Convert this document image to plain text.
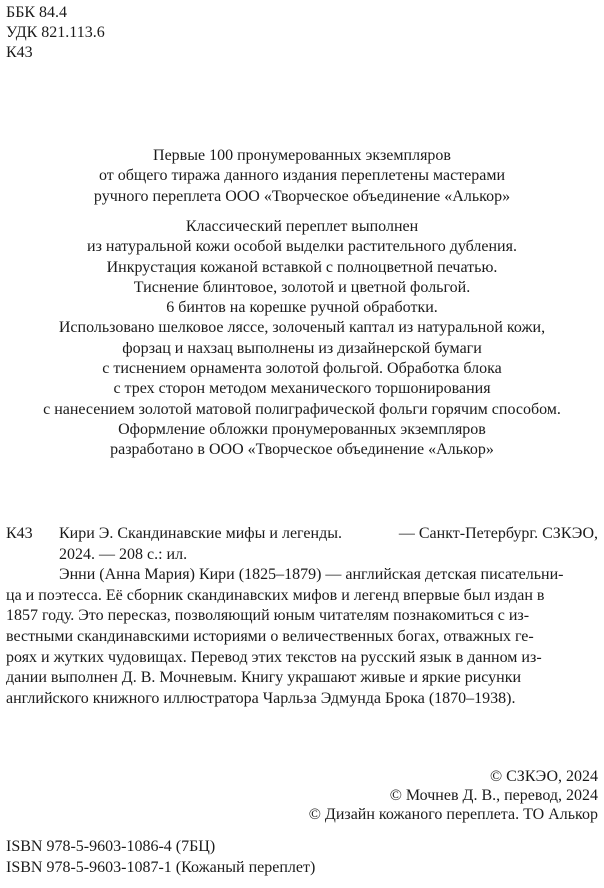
ББК 84.4
УДК 821.113.6
К43
Первые 100 пронумерованных экземпляров
от общего тиража данного издания переплетены мастерами
ручного переплета ООО «Творческое объединение «Алькор»
Классический переплет выполнен
из натуральной кожи особой выделки растительного дубления.
Инкрустация кожаной вставкой с полноцветной печатью.
Тиснение блинтовое, золотой и цветной фольгой.
6 бинтов на корешке ручной обработки.
Использовано шелковое ляссе, золоченый каптал из натуральной кожи,
форзац и нахзац выполнены из дизайнерской бумаги
с тиснением орнамента золотой фольгой. Обработка блока
с трех сторон методом механического торшонирования
с нанесением золотой матовой полиграфической фольги горячим способом.
Оформление обложки пронумерованных экземпляров
разработано в ООО «Творческое объединение «Алькор»
К43 Кири Э. Скандинавские мифы и легенды.	— Санкт-Петербург. СЗКЭО,
2024. — 208 с.: ил.
Энни (Анна Мария) Кири (1825–1879) — английская детская писательни-
ца и поэтесса. Её сборник скандинавских мифов и легенд впервые был издан в
1857 году. Это пересказ, позволяющий юным читателям познакомиться с из-
вестными скандинавскими историями о величественных богах, отважных ге-
роях и жутких чудовищах. Перевод этих текстов на русский язык в данном из-
дании выполнен Д. В. Мочневым. Книгу украшают живые и яркие рисунки
английского книжного иллюстратора Чарльза Эдмунда Брока (1870–1938).
© СЗКЭО, 2024
© Мочнев Д. В., перевод, 2024
© Дизайн кожаного переплета. ТО Алькор
ISBN 978-5-9603-1086-4 (7БЦ)
ISBN 978-5-9603-1087-1 (Кожаный переплет)
